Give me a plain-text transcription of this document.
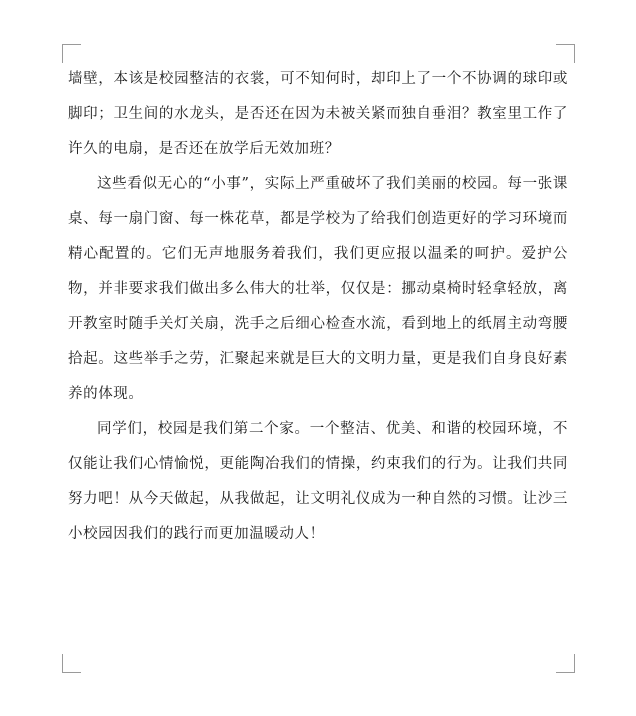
墙壁，本该是校园整洁的衣裳，可不知何时，却印上了一个不协调的球印或脚印；卫生间的水龙头，是否还在因为未被关紧而独自垂泪？教室里工作了许久的电扇，是否还在放学后无效加班？

这些看似无心的“小事”，实际上严重破坏了我们美丽的校园。每一张课桌、每一扇门窗、每一株花草，都是学校为了给我们创造更好的学习环境而精心配置的。它们无声地服务着我们，我们更应报以温柔的呵护。爱护公物，并非要求我们做出多么伟大的壮举，仅仅是：挪动桌椅时轻拿轻放，离开教室时随手关灯关扇，洗手之后细心检查水流，看到地上的纸屑主动弯腰拾起。这些举手之劳，汇聚起来就是巨大的文明力量，更是我们自身良好素养的体现。

同学们，校园是我们第二个家。一个整洁、优美、和谐的校园环境，不仅能让我们心情愉悦，更能陶冶我们的情操，约束我们的行为。让我们共同努力吧！从今天做起，从我做起，让文明礼仪成为一种自然的习惯。让沙三小校园因我们的践行而更加温暖动人！
